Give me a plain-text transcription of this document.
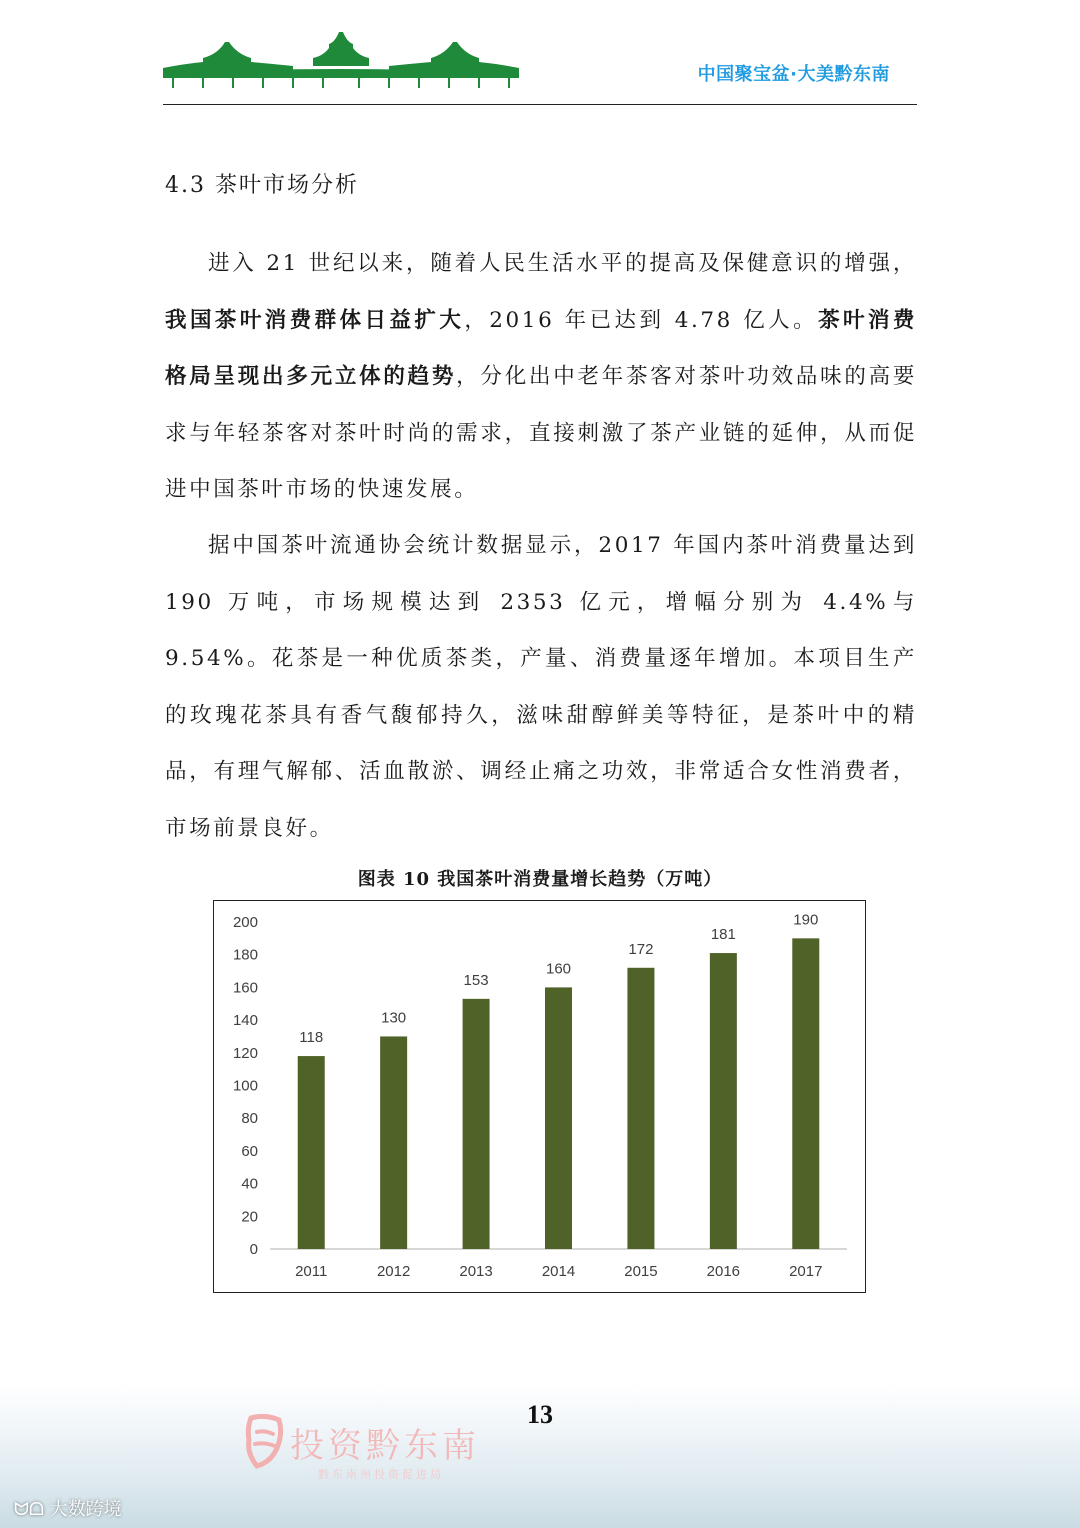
中国聚宝盆·大美黔东南
4.3 茶叶市场分析

进入 21 世纪以来，随着人民生活水平的提高及保健意识的增强，我国茶叶消费群体日益扩大，2016 年已达到 4.78 亿人。茶叶消费格局呈现出多元立体的趋势，分化出中老年茶客对茶叶功效品味的高要求与年轻茶客对茶叶时尚的需求，直接刺激了茶产业链的延伸，从而促进中国茶叶市场的快速发展。

据中国茶叶流通协会统计数据显示，2017 年国内茶叶消费量达到 190 万吨，市场规模达到 2353 亿元，增幅分别为 4.4%与 9.54%。花茶是一种优质茶类，产量、消费量逐年增加。本项目生产的玫瑰花茶具有香气馥郁持久，滋味甜醇鲜美等特征，是茶叶中的精品，有理气解郁、活血散淤、调经止痛之功效，非常适合女性消费者，市场前景良好。

图表 10 我国茶叶消费量增长趋势（万吨）
0
20
40
60
80
100
120
140
160
180
200
118
2011
130
2012
153
2013
160
2014
172
2015
181
2016
190
2017
投资黔东南
黔东南州投资促进局
13
ᗢᗝ 大数跨境
